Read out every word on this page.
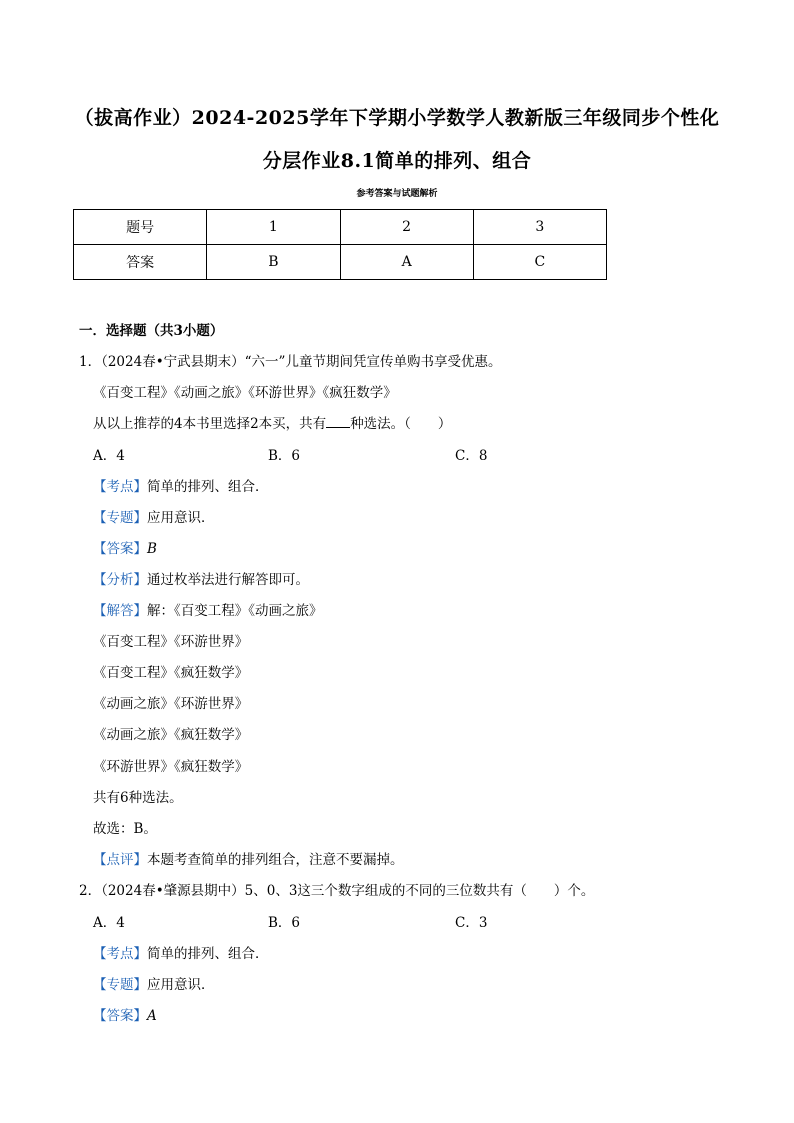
（拔高作业）2024-2025学年下学期小学数学人教新版三年级同步个性化
分层作业8.1简单的排列、组合
参考答案与试题解析
题号	1	2	3
答案	B	A	C
一．选择题（共3小题）
1．（2024春•宁武县期末）“六一”儿童节期间凭宣传单购书享受优惠。
《百变工程》《动画之旅》《环游世界》《疯狂数学》
从以上推荐的4本书里选择2本买，共有 种选法。（　　）
A．4	B．6	C．8
【考点】简单的排列、组合．
【专题】应用意识．
【答案】B
【分析】通过枚举法进行解答即可。
【解答】解：《百变工程》《动画之旅》
《百变工程》《环游世界》
《百变工程》《疯狂数学》
《动画之旅》《环游世界》
《动画之旅》《疯狂数学》
《环游世界》《疯狂数学》
共有6种选法。
故选：B。
【点评】本题考查简单的排列组合，注意不要漏掉。
2．（2024春•肇源县期中）5、0、3这三个数字组成的不同的三位数共有（　　）个。
A．4	B．6	C．3
【考点】简单的排列、组合．
【专题】应用意识．
【答案】A
